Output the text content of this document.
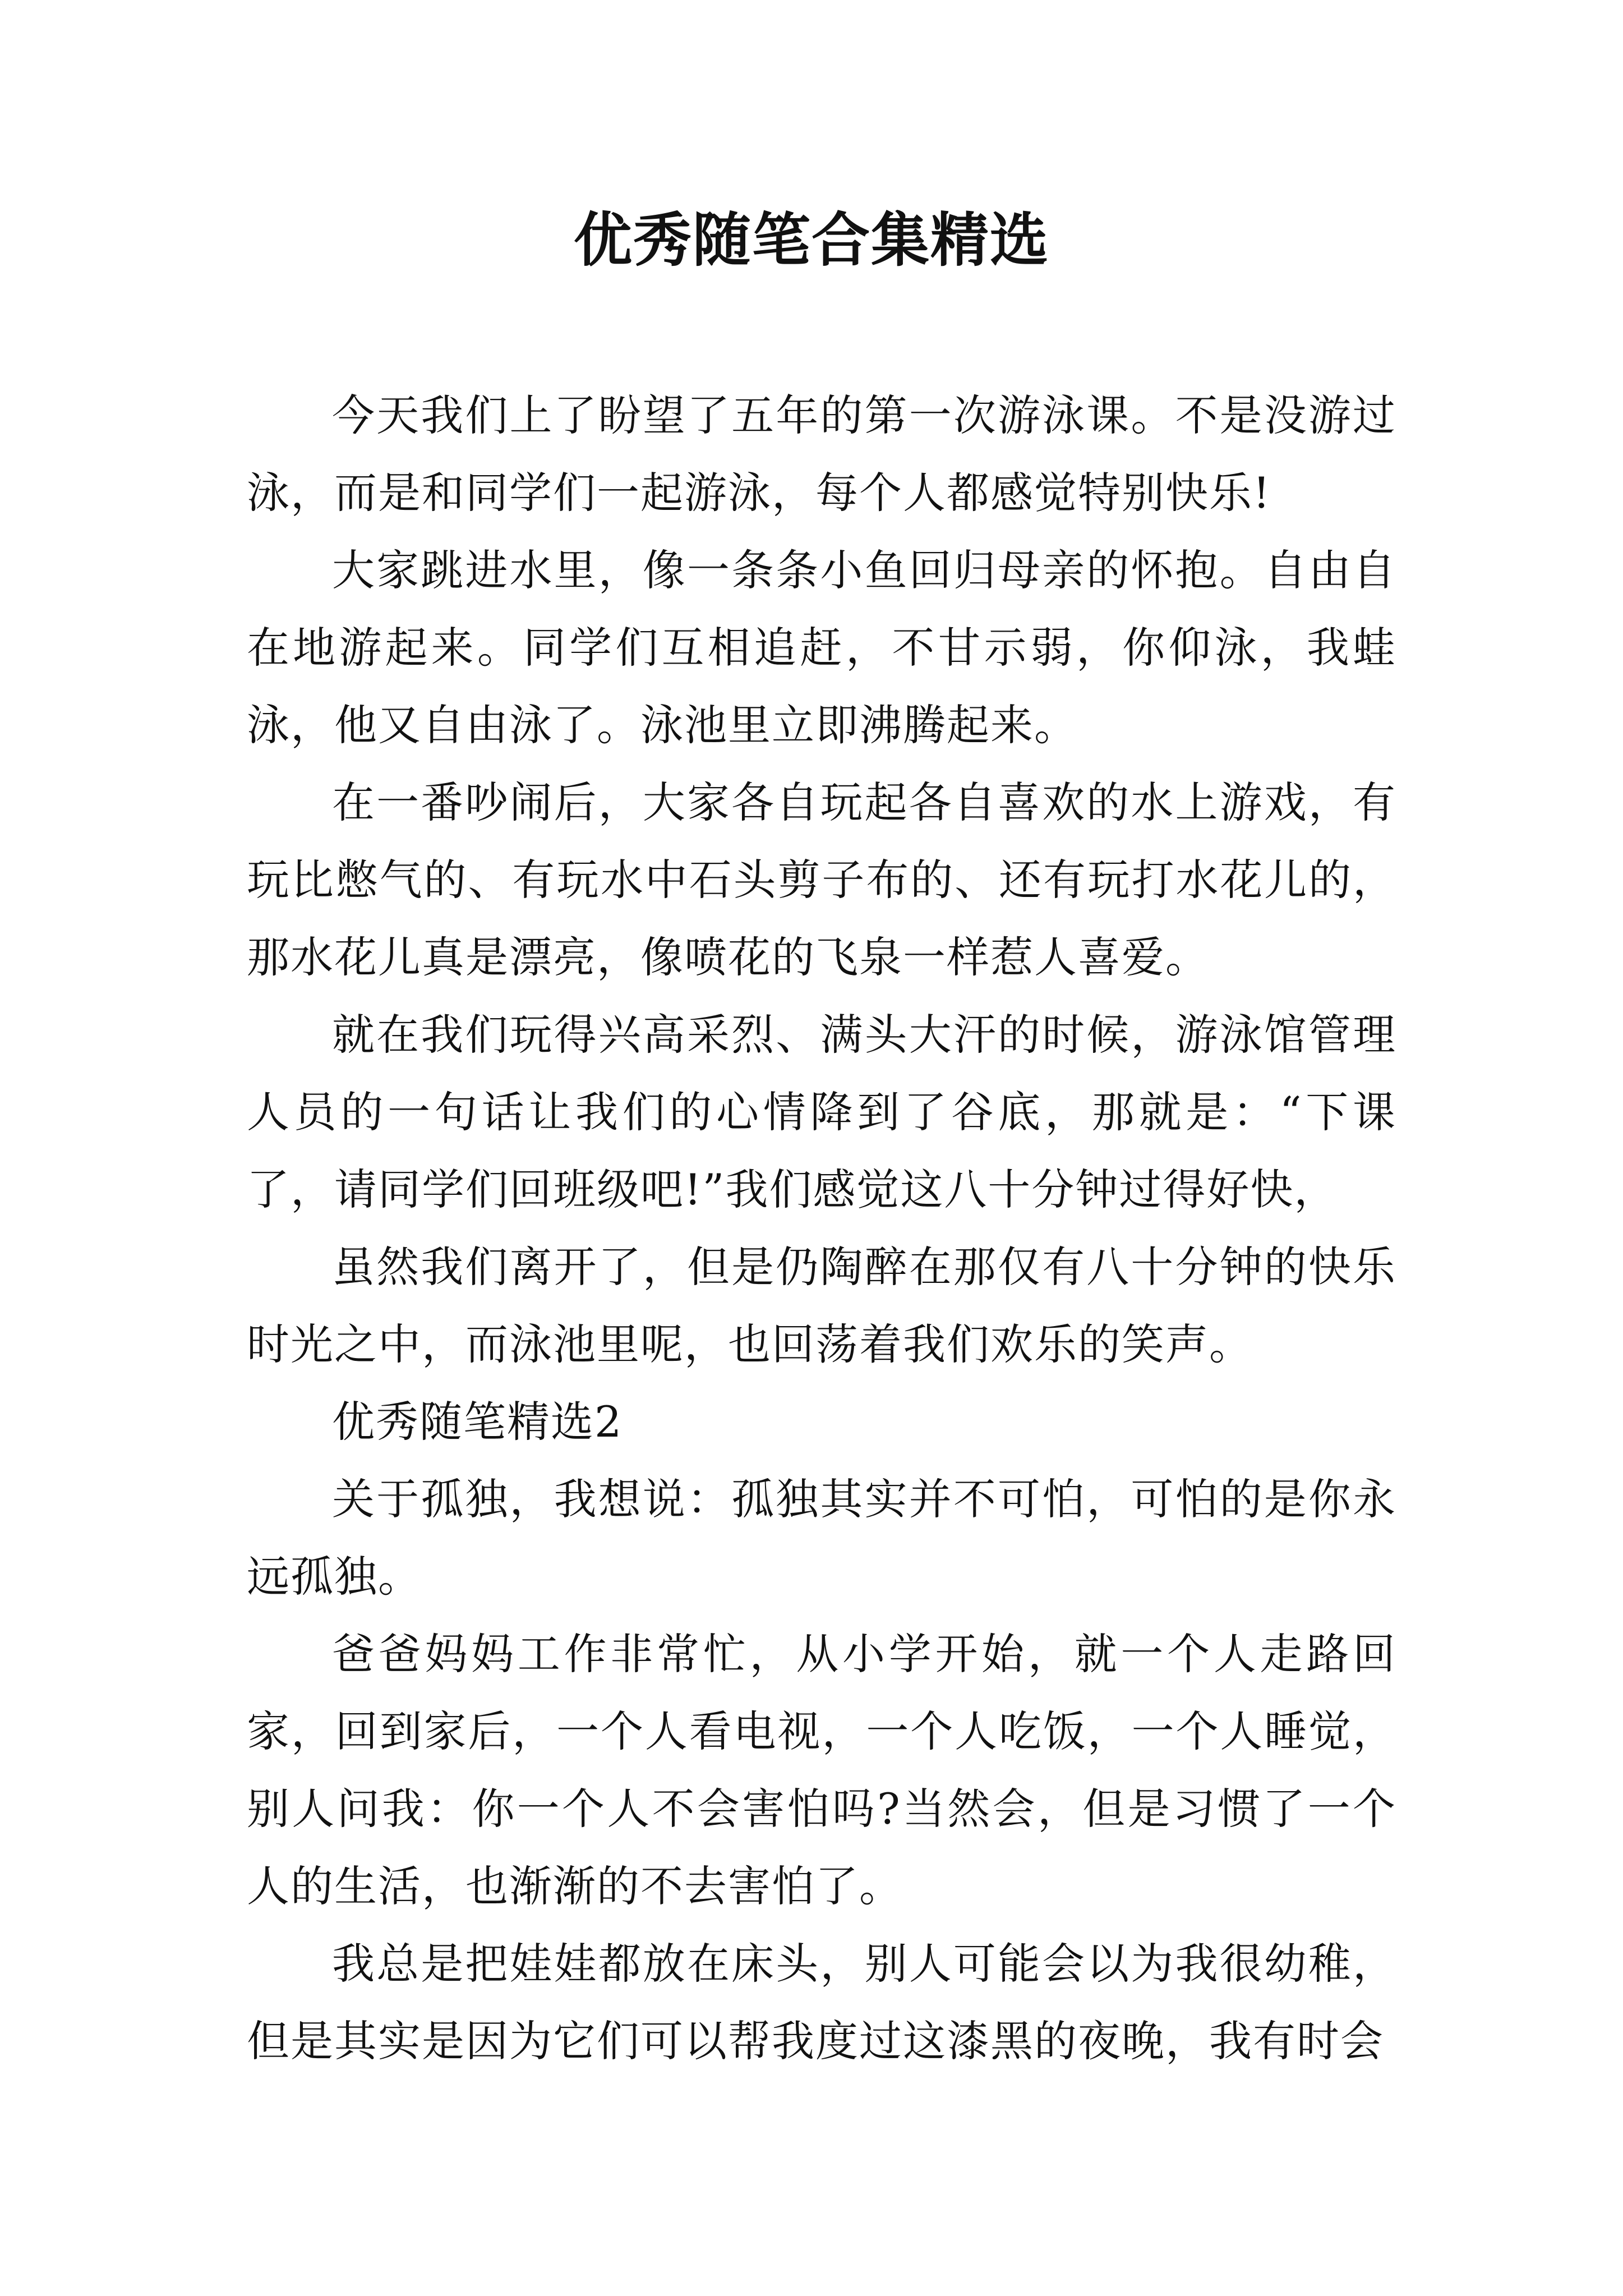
优秀随笔合集精选

今天我们上了盼望了五年的第一次游泳课。不是没游过泳，而是和同学们一起游泳，每个人都感觉特别快乐!

大家跳进水里，像一条条小鱼回归母亲的怀抱。自由自在地游起来。同学们互相追赶，不甘示弱，你仰泳，我蛙泳，他又自由泳了。泳池里立即沸腾起来。

在一番吵闹后，大家各自玩起各自喜欢的水上游戏，有玩比憋气的、有玩水中石头剪子布的、还有玩打水花儿的，那水花儿真是漂亮，像喷花的飞泉一样惹人喜爱。

就在我们玩得兴高采烈、满头大汗的时候，游泳馆管理人员的一句话让我们的心情降到了谷底，那就是：“下课了，请同学们回班级吧!”我们感觉这八十分钟过得好快，

虽然我们离开了，但是仍陶醉在那仅有八十分钟的快乐时光之中，而泳池里呢，也回荡着我们欢乐的笑声。

优秀随笔精选2

关于孤独，我想说：孤独其实并不可怕，可怕的是你永远孤独。

爸爸妈妈工作非常忙，从小学开始，就一个人走路回家，回到家后，一个人看电视，一个人吃饭，一个人睡觉，别人问我：你一个人不会害怕吗?当然会，但是习惯了一个人的生活，也渐渐的不去害怕了。

我总是把娃娃都放在床头，别人可能会以为我很幼稚，但是其实是因为它们可以帮我度过这漆黑的夜晚，我有时会
